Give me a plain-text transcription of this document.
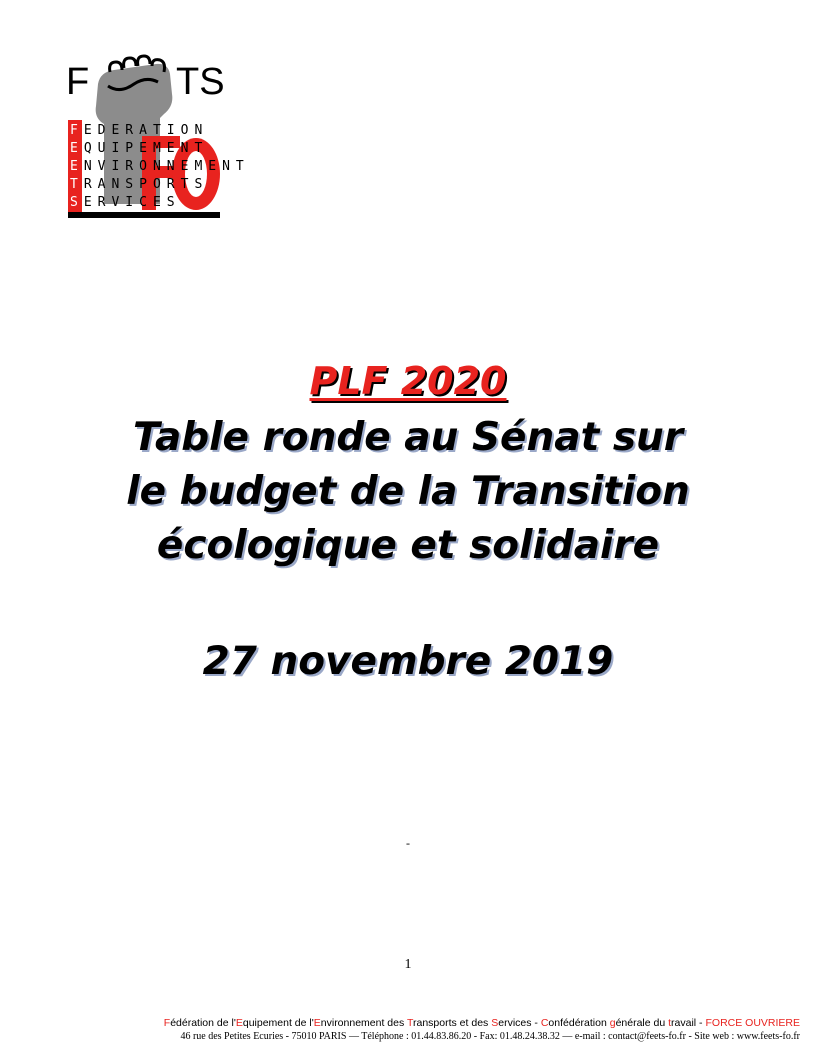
F TS
FEDERATION
EQUIPEMENT
ENVIRONNEMENT
TRANSPORTS
SERVICES
PLF 2020
Table ronde au Sénat sur
le budget de la Transition
écologique et solidaire
27 novembre 2019
-
1
Fédération de l'Equipement de l'Environnement des Transports et des Services - Confédération générale du travail - FORCE OUVRIERE
46 rue des Petites Ecuries - 75010 PARIS — Téléphone : 01.44.83.86.20 - Fax: 01.48.24.38.32 — e-mail : contact@feets-fo.fr - Site web : www.feets-fo.fr
